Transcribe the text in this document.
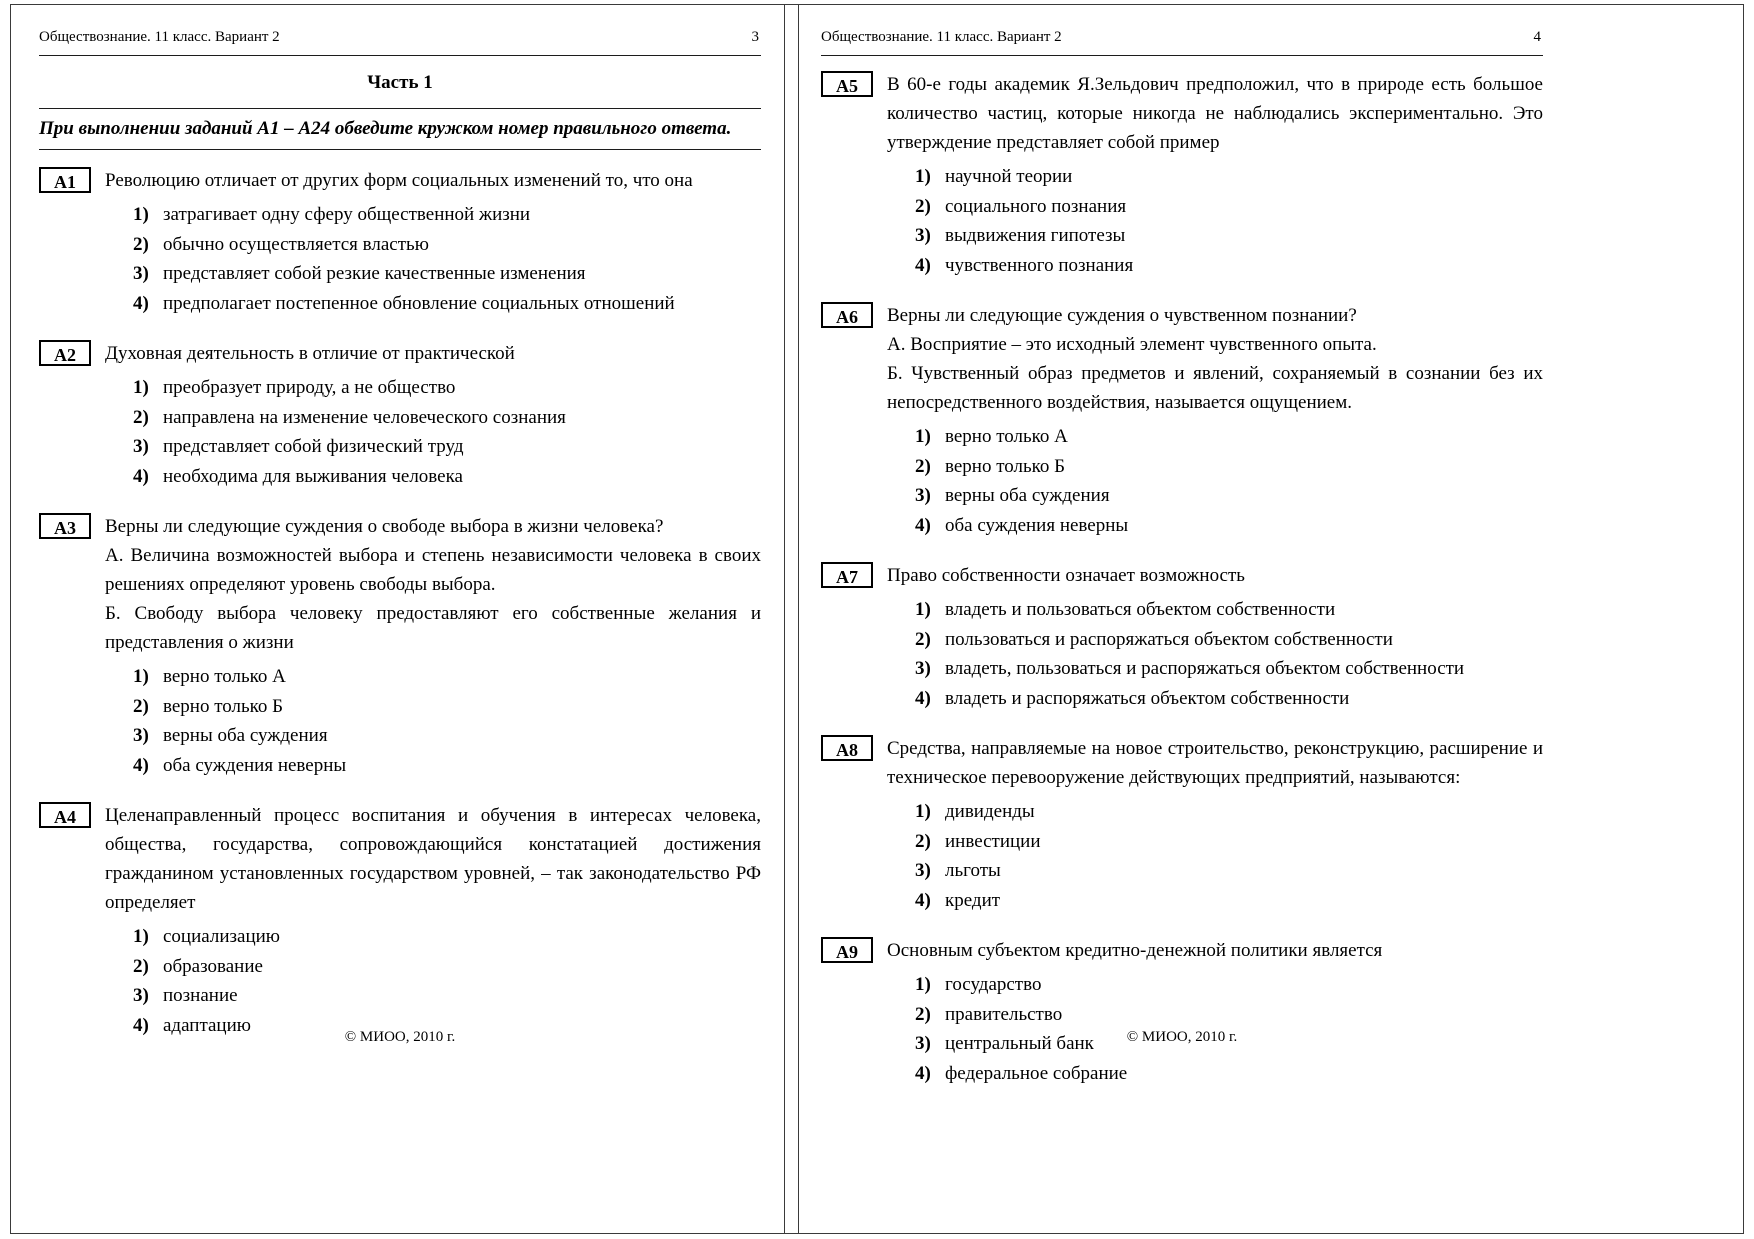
Обществознание. 11 класс. Вариант 2	3
Часть 1
При выполнении заданий А1 – А24 обведите кружком номер правильного ответа.
А1	Революцию отличает от других форм социальных изменений то, что она
1) затрагивает одну сферу общественной жизни
2) обычно осуществляется властью
3) представляет собой резкие качественные изменения
4) предполагает постепенное обновление социальных отношений
А2	Духовная деятельность в отличие от практической
1) преобразует природу, а не общество
2) направлена на изменение человеческого сознания
3) представляет собой физический труд
4) необходима для выживания человека
А3	Верны ли следующие суждения о свободе выбора в жизни человека?
А. Величина возможностей выбора и степень независимости человека в своих решениях определяют уровень свободы выбора.
Б. Свободу выбора человеку предоставляют его собственные желания и представления о жизни
1) верно только А
2) верно только Б
3) верны оба суждения
4) оба суждения неверны
А4	Целенаправленный процесс воспитания и обучения в интересах человека, общества, государства, сопровождающийся констатацией достижения гражданином установленных государством уровней, – так законодательство РФ определяет
1) социализацию
2) образование
3) познание
4) адаптацию
© МИОО, 2010 г.
Обществознание. 11 класс. Вариант 2	4
А5	В 60-е годы академик Я.Зельдович предположил, что в природе есть большое количество частиц, которые никогда не наблюдались экспериментально. Это утверждение представляет собой пример
1) научной теории
2) социального познания
3) выдвижения гипотезы
4) чувственного познания
А6	Верны ли следующие суждения о чувственном познании?
А. Восприятие – это исходный элемент чувственного опыта.
Б. Чувственный образ предметов и явлений, сохраняемый в сознании без их непосредственного воздействия, называется ощущением.
1) верно только А
2) верно только Б
3) верны оба суждения
4) оба суждения неверны
А7	Право собственности означает возможность
1) владеть и пользоваться объектом собственности
2) пользоваться и распоряжаться объектом собственности
3) владеть, пользоваться и распоряжаться объектом собственности
4) владеть и распоряжаться объектом собственности
А8	Средства, направляемые на новое строительство, реконструкцию, расширение и техническое перевооружение действующих предприятий, называются:
1) дивиденды
2) инвестиции
3) льготы
4) кредит
А9	Основным субъектом кредитно-денежной политики является
1) государство
2) правительство
3) центральный банк
4) федеральное собрание
© МИОО, 2010 г.
